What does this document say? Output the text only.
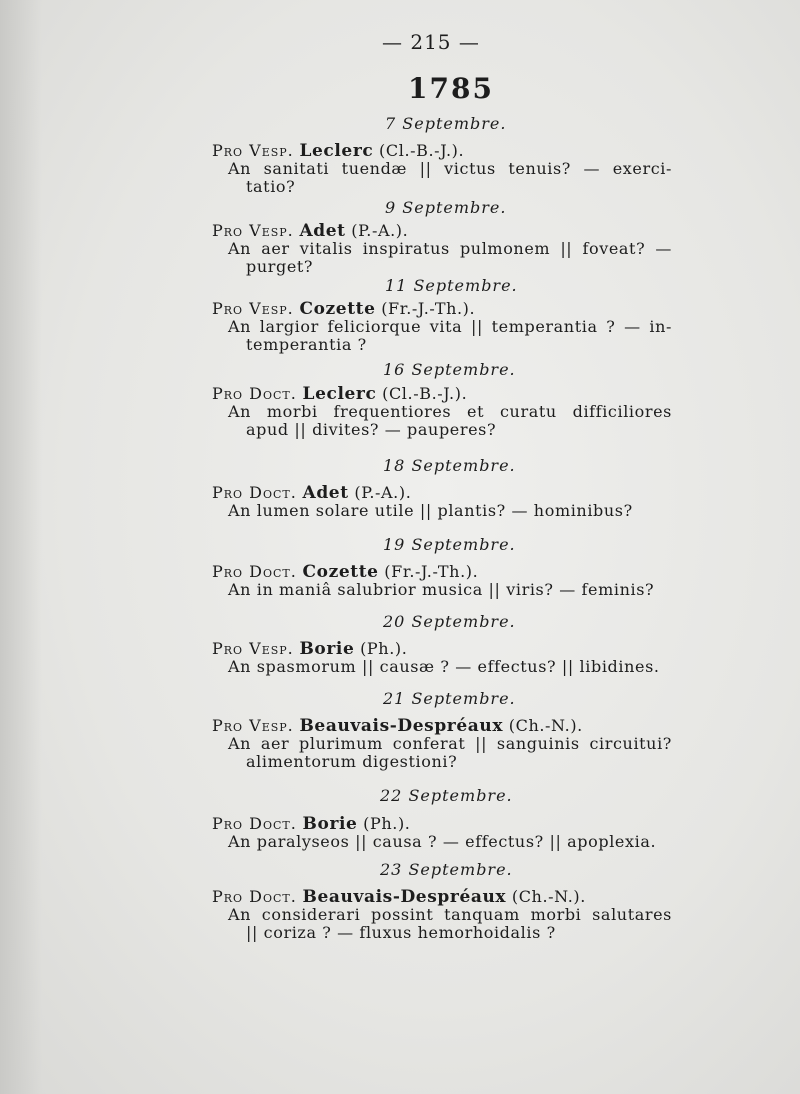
— 215 —
1785
7 Septembre.
Pro Vesp. Leclerc (Cl.-B.-J.).
An sanitati tuendæ || victus tenuis? — exerci-
tatio?
9 Septembre.
Pro Vesp. Adet (P.-A.).
An aer vitalis inspiratus pulmonem || foveat? —
purget?
11 Septembre.
Pro Vesp. Cozette (Fr.-J.-Th.).
An largior feliciorque vita || temperantia ? — in-
temperantia ?
16 Septembre.
Pro Doct. Leclerc (Cl.-B.-J.).
An morbi frequentiores et curatu difficiliores
apud || divites? — pauperes?
18 Septembre.
Pro Doct. Adet (P.-A.).
An lumen solare utile || plantis? — hominibus?
19 Septembre.
Pro Doct. Cozette (Fr.-J.-Th.).
An in maniâ salubrior musica || viris? — feminis?
20 Septembre.
Pro Vesp. Borie (Ph.).
An spasmorum || causæ ? — effectus? || libidines.
21 Septembre.
Pro Vesp. Beauvais-Despréaux (Ch.-N.).
An aer plurimum conferat || sanguinis circuitui?
alimentorum digestioni?
22 Septembre.
Pro Doct. Borie (Ph.).
An paralyseos || causa ? — effectus? || apoplexia.
23 Septembre.
Pro Doct. Beauvais-Despréaux (Ch.-N.).
An considerari possint tanquam morbi salutares
|| coriza ? — fluxus hemorhoidalis ?
